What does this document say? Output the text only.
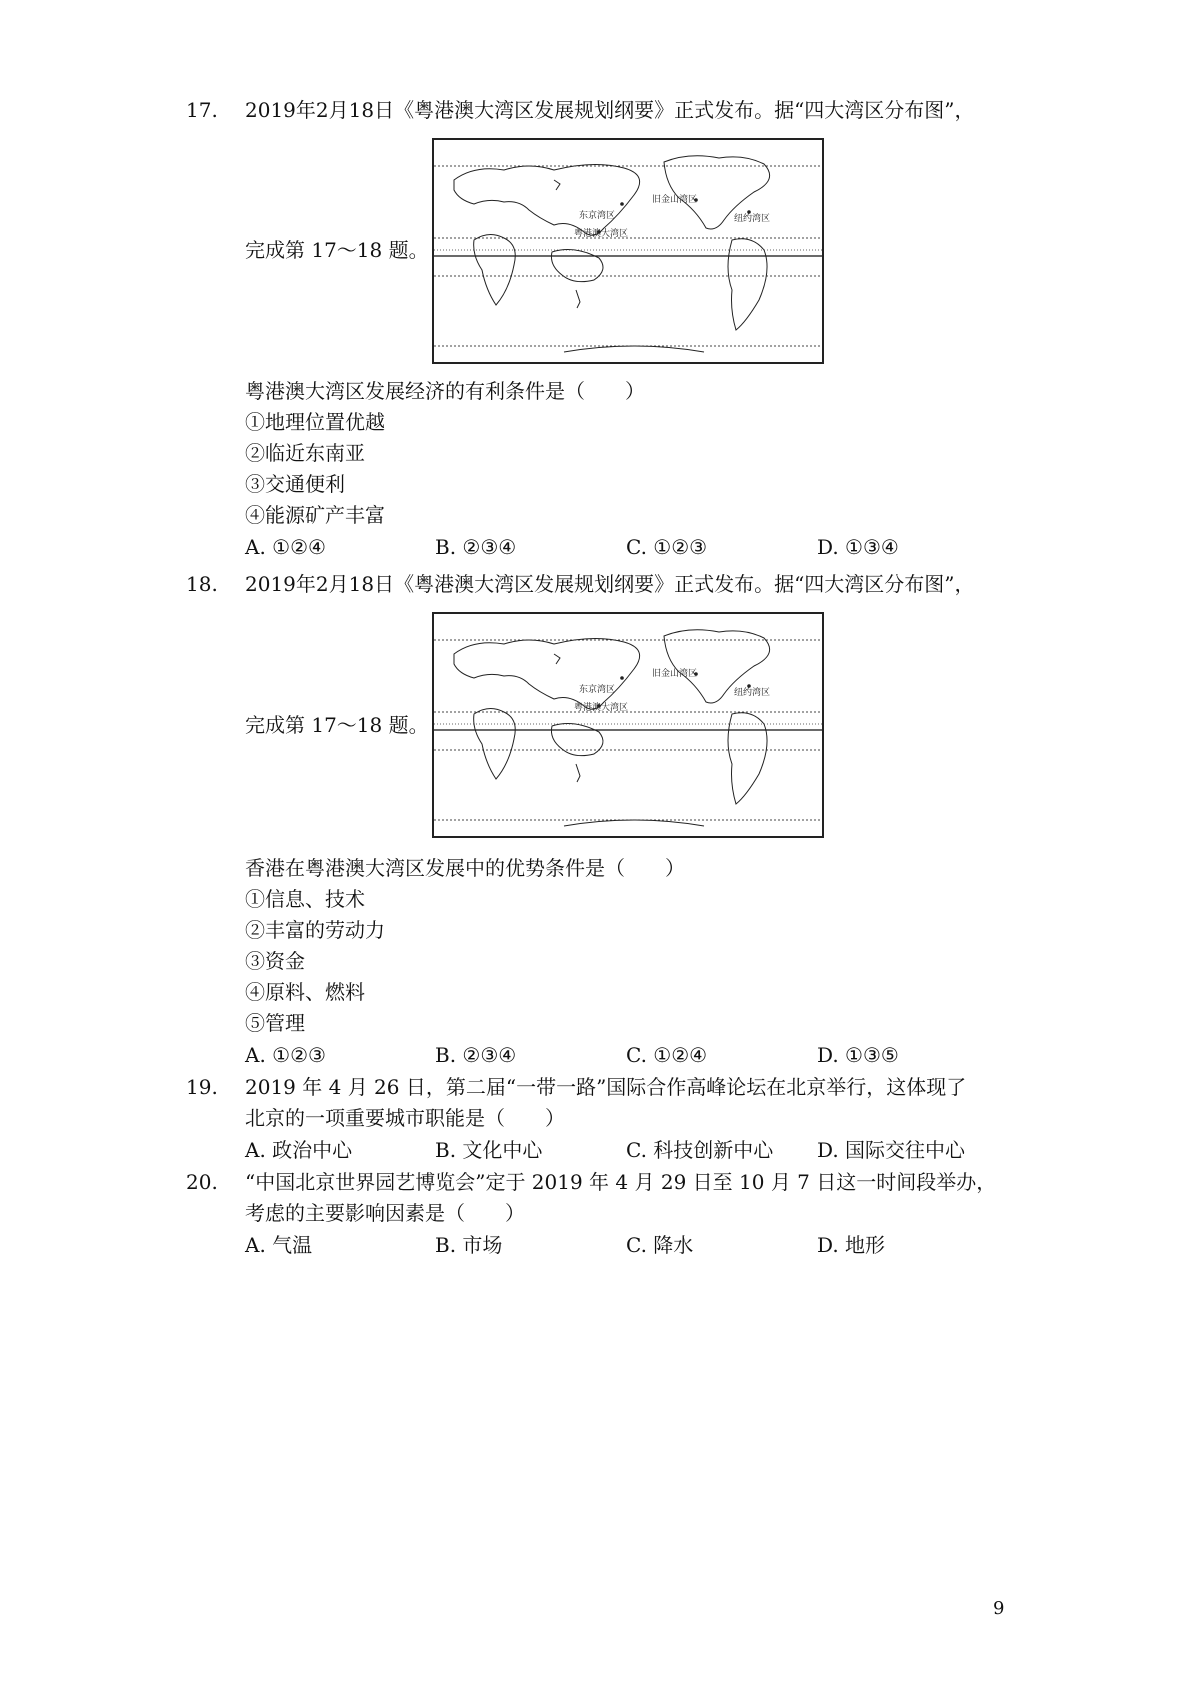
17. 2019年2月18日《粤港澳大湾区发展规划纲要》正式发布。据“四大湾区分布图”，
旧金山湾区
东京湾区	纽约湾区
粤港澳大湾区
完成第 17～18 题。
粤港澳大湾区发展经济的有利条件是（　　）
①地理位置优越
②临近东南亚
③交通便利
④能源矿产丰富
A. ①②④	B. ②③④	C. ①②③	D. ①③④
18. 2019年2月18日《粤港澳大湾区发展规划纲要》正式发布。据“四大湾区分布图”，
旧金山湾区
东京湾区	纽约湾区
粤港澳大湾区
完成第 17～18 题。
香港在粤港澳大湾区发展中的优势条件是（　　）
①信息、技术
②丰富的劳动力
③资金
④原料、燃料
⑤管理
A. ①②③	B. ②③④	C. ①②④	D. ①③⑤
19. 2019 年 4 月 26 日，第二届“一带一路”国际合作高峰论坛在北京举行，这体现了
北京的一项重要城市职能是（　　）
A. 政治中心	B. 文化中心	C. 科技创新中心 D. 国际交往中心
20. “中国北京世界园艺博览会”定于 2019 年 4 月 29 日至 10 月 7 日这一时间段举办，
考虑的主要影响因素是（　　）
A. 气温	B. 市场	C. 降水	D. 地形
9
